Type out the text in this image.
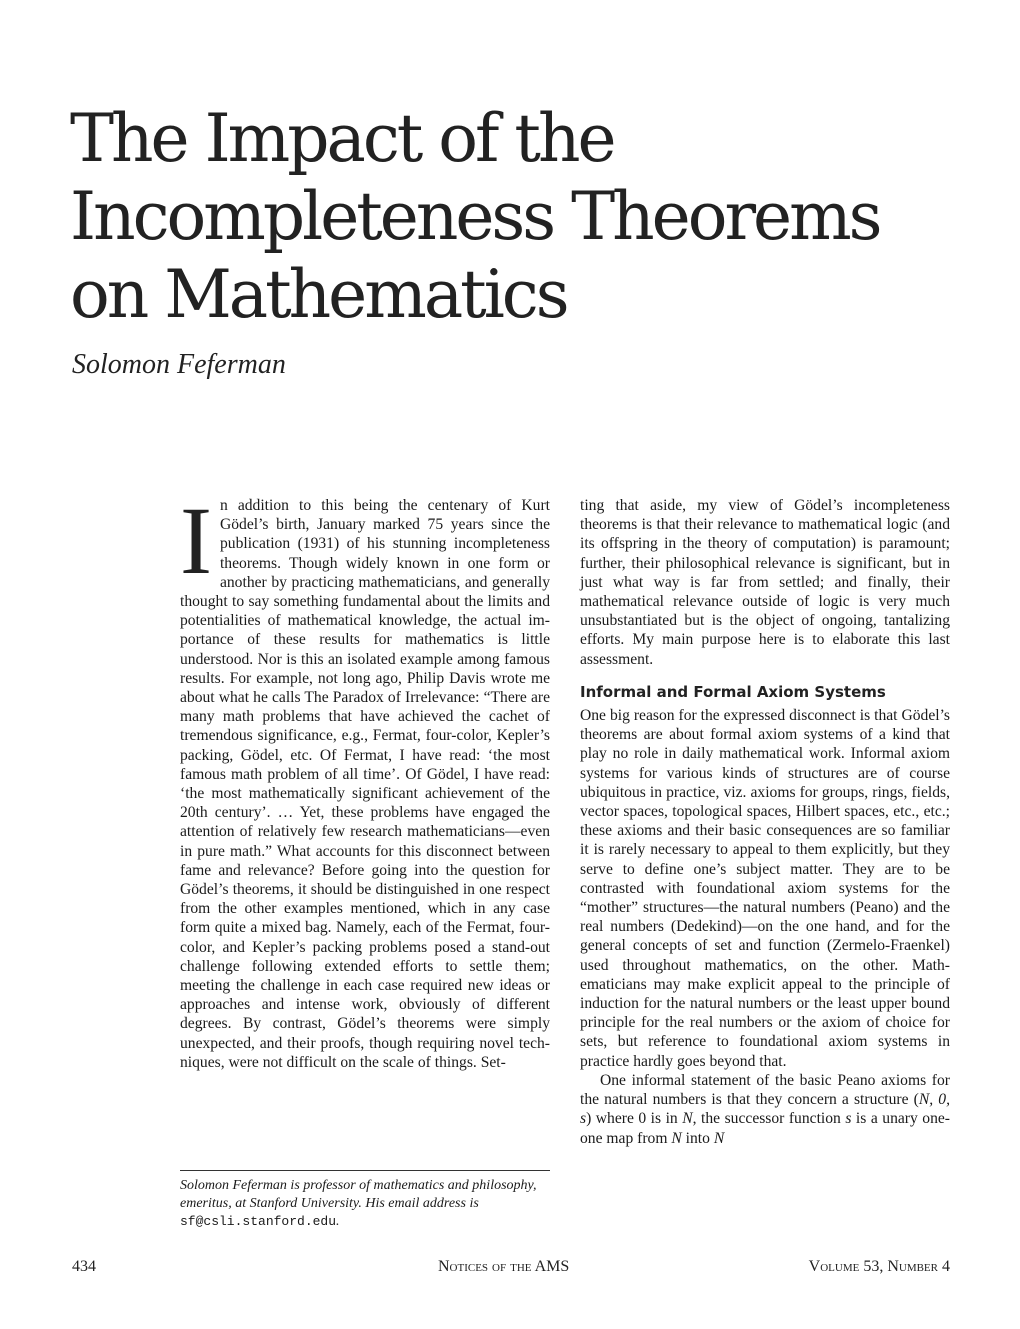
The Impact of the
Incompleteness Theorems
on Mathematics
Solomon Feferman
I n addition to this being the centenary of Kurt Gödel’s birth, January marked 75 years since the publication (1931) of his stunning incompleteness theorems. Though widely known in one form or another by practicing mathematicians, and generally thought to say something fundamental about the limits and potentialities of mathematical knowledge, the actual importance of these results for mathematics is little understood. Nor is this an isolated example among famous results. For example, not long ago, Philip Davis wrote me about what he calls The Paradox of Irrelevance: “There are many math problems that have achieved the cachet of tremendous significance, e.g., Fermat, four-color, Kepler’s packing, Gödel, etc. Of Fermat, I have read: ‘the most famous math problem of all time’. Of Gödel, I have read: ‘the most mathematically significant achievement of the 20th century’. … Yet, these problems have engaged the attention of relatively few research mathematicians—even in pure math.” What accounts for this disconnect between fame and relevance? Before going into the question for Gödel’s theorems, it should be distinguished in one respect from the other examples mentioned, which in any case form quite a mixed bag. Namely, each of the Fermat, four-color, and Kepler’s packing problems posed a stand-out challenge following extended efforts to settle them; meeting the challenge in each case required new ideas or approaches and intense work, obviously of different degrees. By contrast, Gödel’s theorems were simply unexpected, and their proofs, though requiring novel techniques, were not difficult on the scale of things. Set-

ting that aside, my view of Gödel’s incompleteness theorems is that their relevance to mathematical logic (and its offspring in the theory of computation) is paramount; further, their philosophical relevance is significant, but in just what way is far from settled; and finally, their mathematical relevance outside of logic is very much unsubstantiated but is the object of ongoing, tantalizing efforts. My main purpose here is to elaborate this last assessment.

Informal and Formal Axiom Systems

One big reason for the expressed disconnect is that Gödel’s theorems are about formal axiom systems of a kind that play no role in daily mathematical work. Informal axiom systems for various kinds of structures are of course ubiquitous in practice, viz. axioms for groups, rings, fields, vector spaces, topological spaces, Hilbert spaces, etc., etc.; these axioms and their basic consequences are so familiar it is rarely necessary to appeal to them explicitly, but they serve to define one’s subject matter. They are to be contrasted with foundational axiom systems for the “mother” structures—the natural numbers (Peano) and the real numbers (Dedekind)—on the one hand, and for the general concepts of set and function (Zermelo-Fraenkel) used throughout mathematics, on the other. Mathematicians may make explicit appeal to the principle of induction for the natural numbers or the least upper bound principle for the real numbers or the axiom of choice for sets, but reference to foundational axiom systems in practice hardly goes beyond that.

One informal statement of the basic Peano axioms for the natural numbers is that they concern a structure (N, 0, s) where 0 is in N, the successor function s is a unary one-one map from N into N

Solomon Feferman is professor of mathematics and philosophy, emeritus, at Stanford University. His email address is sf@csli.stanford.edu.
434	Notices of the AMS	Volume 53, Number 4
